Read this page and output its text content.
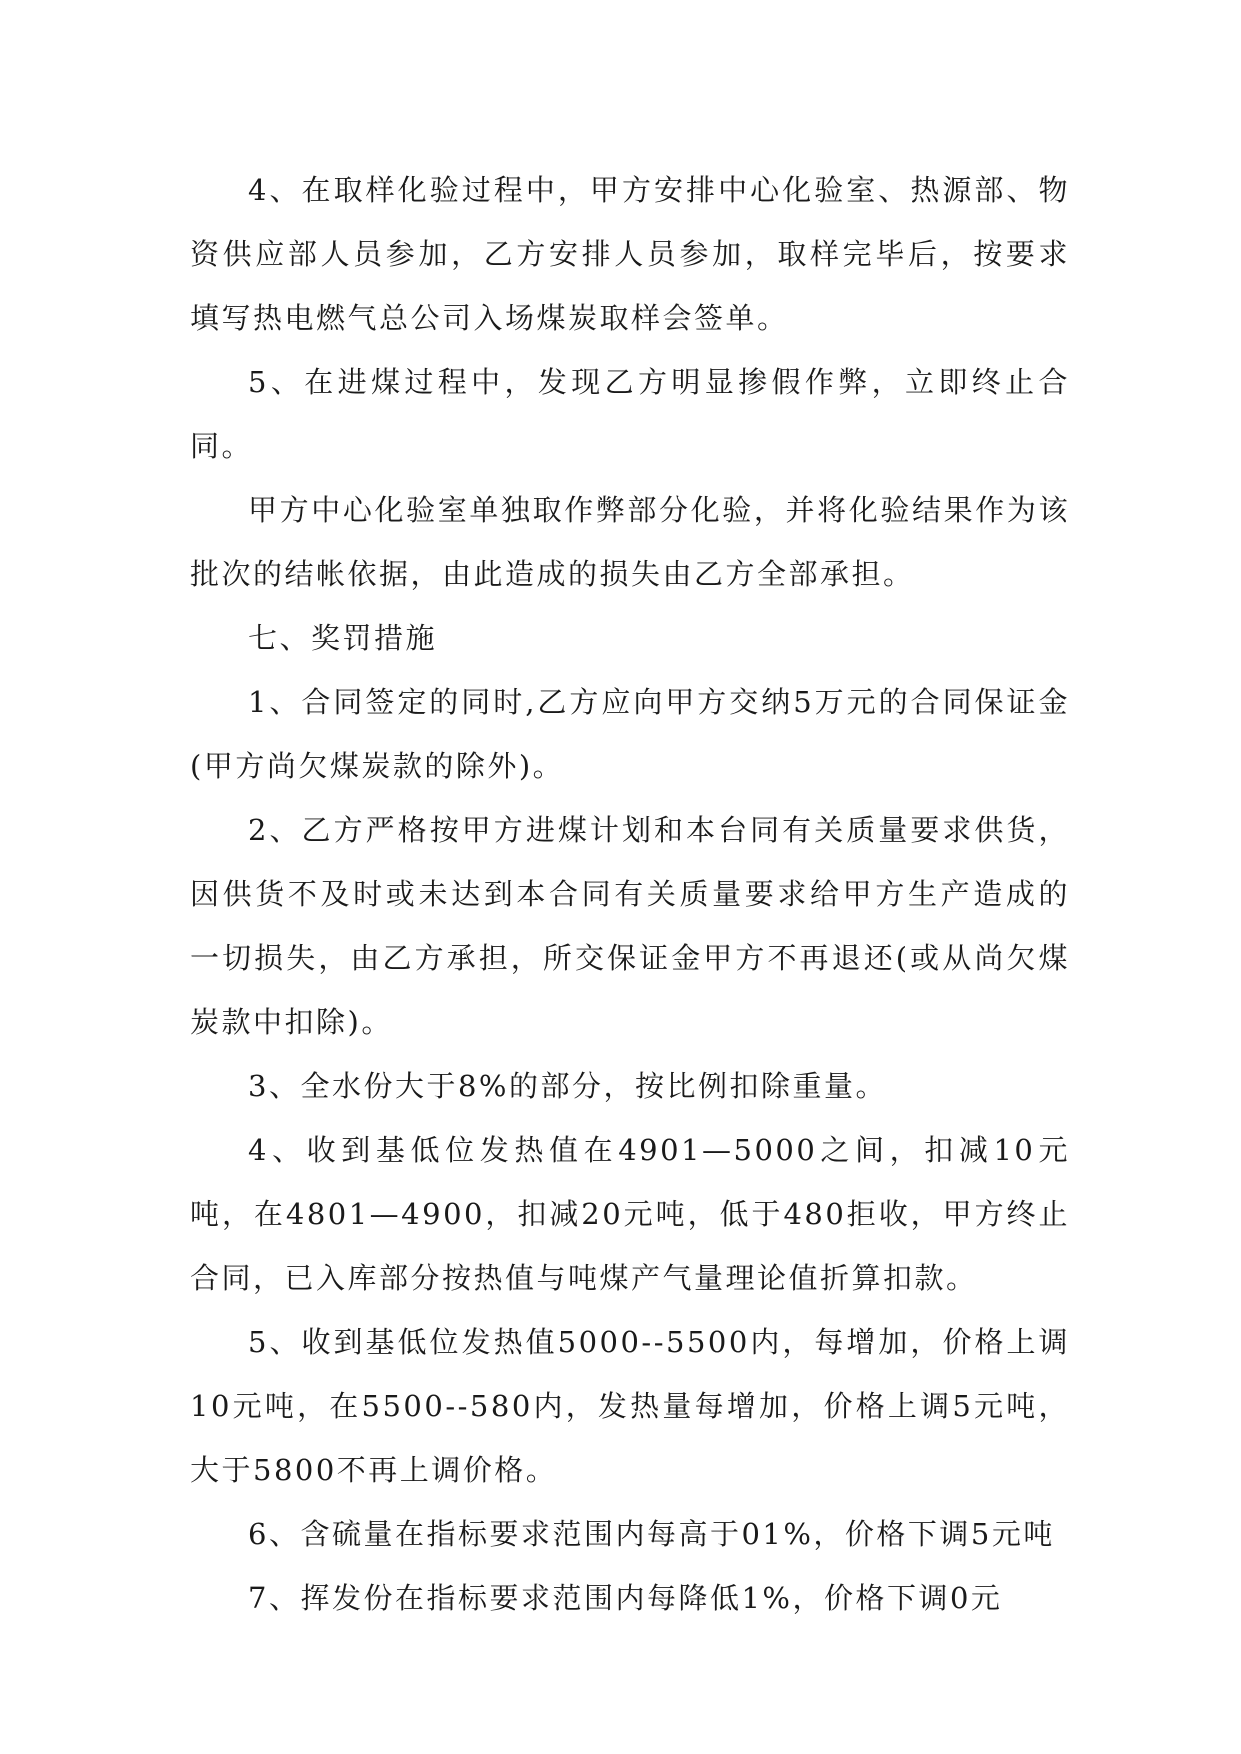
4、在取样化验过程中，甲方安排中心化验室、热源部、物资供应部人员参加，乙方安排人员参加，取样完毕后，按要求填写热电燃气总公司入场煤炭取样会签单。

5、在进煤过程中，发现乙方明显掺假作弊，立即终止合同。

甲方中心化验室单独取作弊部分化验，并将化验结果作为该批次的结帐依据，由此造成的损失由乙方全部承担。

七、奖罚措施

1、合同签定的同时,乙方应向甲方交纳5万元的合同保证金(甲方尚欠煤炭款的除外)。

2、乙方严格按甲方进煤计划和本台同有关质量要求供货，因供货不及时或未达到本合同有关质量要求给甲方生产造成的一切损失，由乙方承担，所交保证金甲方不再退还(或从尚欠煤炭款中扣除)。

3、全水份大于8%的部分，按比例扣除重量。

4、收到基低位发热值在4901—5000之间，扣减10元吨，在4801—4900，扣减20元吨，低于480拒收，甲方终止合同，已入库部分按热值与吨煤产气量理论值折算扣款。

5、收到基低位发热值5000--5500内，每增加，价格上调10元吨，在5500--580内，发热量每增加，价格上调5元吨，大于5800不再上调价格。

6、含硫量在指标要求范围内每高于01%，价格下调5元吨

7、挥发份在指标要求范围内每降低1%，价格下调0元
